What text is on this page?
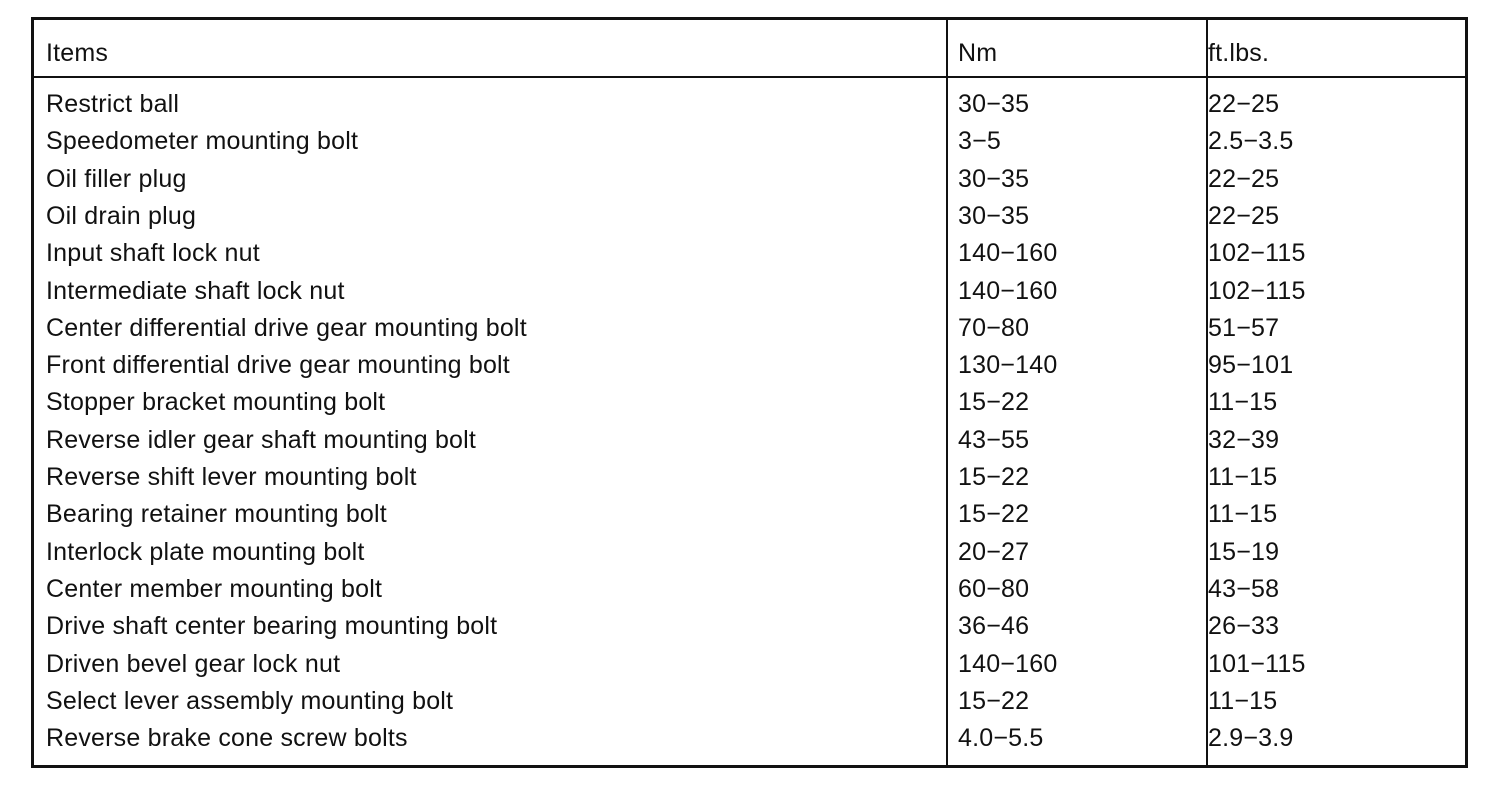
Items	Nm	ft.lbs.
Restrict ball	30−35	22−25
Speedometer mounting bolt	3−5	2.5−3.5
Oil filler plug	30−35	22−25
Oil drain plug	30−35	22−25
Input shaft lock nut	140−160	102−115
Intermediate shaft lock nut	140−160	102−115
Center differential drive gear mounting bolt	70−80	51−57
Front differential drive gear mounting bolt	130−140	95−101
Stopper bracket mounting bolt	15−22	11−15
Reverse idler gear shaft mounting bolt	43−55	32−39
Reverse shift lever mounting bolt	15−22	11−15
Bearing retainer mounting bolt	15−22	11−15
Interlock plate mounting bolt	20−27	15−19
Center member mounting bolt	60−80	43−58
Drive shaft center bearing mounting bolt	36−46	26−33
Driven bevel gear lock nut	140−160	101−115
Select lever assembly mounting bolt	15−22	11−15
Reverse brake cone screw bolts	4.0−5.5	2.9−3.9
